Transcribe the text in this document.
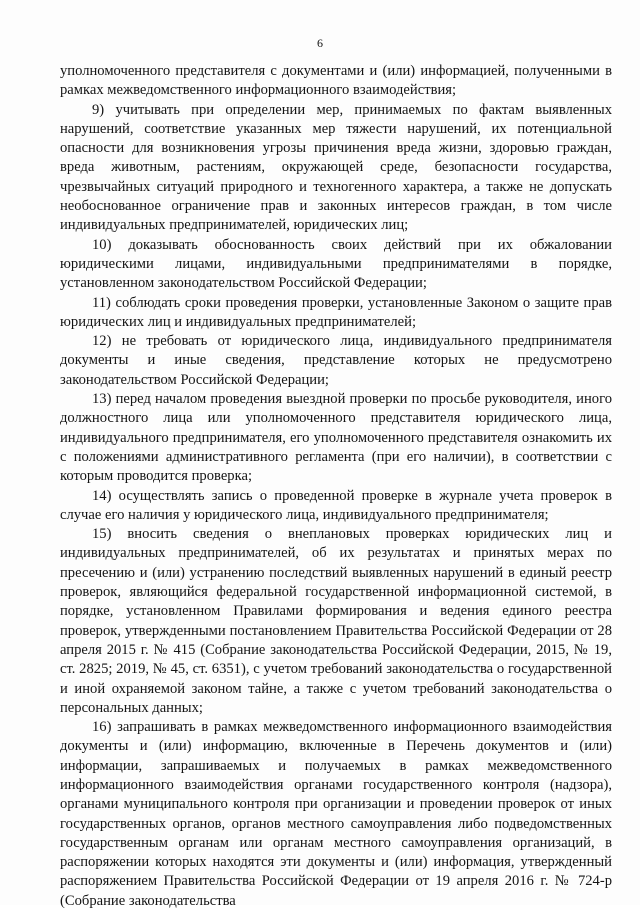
6

уполномоченного представителя с документами и (или) информацией, полученными в рамках межведомственного информационного взаимодействия;

9) учитывать при определении мер, принимаемых по фактам выявленных нарушений, соответствие указанных мер тяжести нарушений, их потенциальной опасности для возникновения угрозы причинения вреда жизни, здоровью граждан, вреда животным, растениям, окружающей среде, безопасности государства, чрезвычайных ситуаций природного и техногенного характера, а также не допускать необоснованное ограничение прав и законных интересов граждан, в том числе индивидуальных предпринимателей, юридических лиц;

10) доказывать обоснованность своих действий при их обжаловании юридическими лицами, индивидуальными предпринимателями в порядке, установленном законодательством Российской Федерации;

11) соблюдать сроки проведения проверки, установленные Законом о защите прав юридических лиц и индивидуальных предпринимателей;

12) не требовать от юридического лица, индивидуального предпринимателя документы и иные сведения, представление которых не предусмотрено законодательством Российской Федерации;

13) перед началом проведения выездной проверки по просьбе руководителя, иного должностного лица или уполномоченного представителя юридического лица, индивидуального предпринимателя, его уполномоченного представителя ознакомить их с положениями административного регламента (при его наличии), в соответствии с которым проводится проверка;

14) осуществлять запись о проведенной проверке в журнале учета проверок в случае его наличия у юридического лица, индивидуального предпринимателя;

15) вносить сведения о внеплановых проверках юридических лиц и индивидуальных предпринимателей, об их результатах и принятых мерах по пресечению и (или) устранению последствий выявленных нарушений в единый реестр проверок, являющийся федеральной государственной информационной системой, в порядке, установленном Правилами формирования и ведения единого реестра проверок, утвержденными постановлением Правительства Российской Федерации от 28 апреля 2015 г. № 415 (Собрание законодательства Российской Федерации, 2015, № 19, ст. 2825; 2019, № 45, ст. 6351), с учетом требований законодательства о государственной и иной охраняемой законом тайне, а также с учетом требований законодательства о персональных данных;

16) запрашивать в рамках межведомственного информационного взаимодействия документы и (или) информацию, включенные в Перечень документов и (или) информации, запрашиваемых и получаемых в рамках межведомственного информационного взаимодействия органами государственного контроля (надзора), органами муниципального контроля при организации и проведении проверок от иных государственных органов, органов местного самоуправления либо подведомственных государственным органам или органам местного самоуправления организаций, в распоряжении которых находятся эти документы и (или) информация, утвержденный распоряжением Правительства Российской Федерации от 19 апреля 2016 г. № 724-р (Собрание законодательства
